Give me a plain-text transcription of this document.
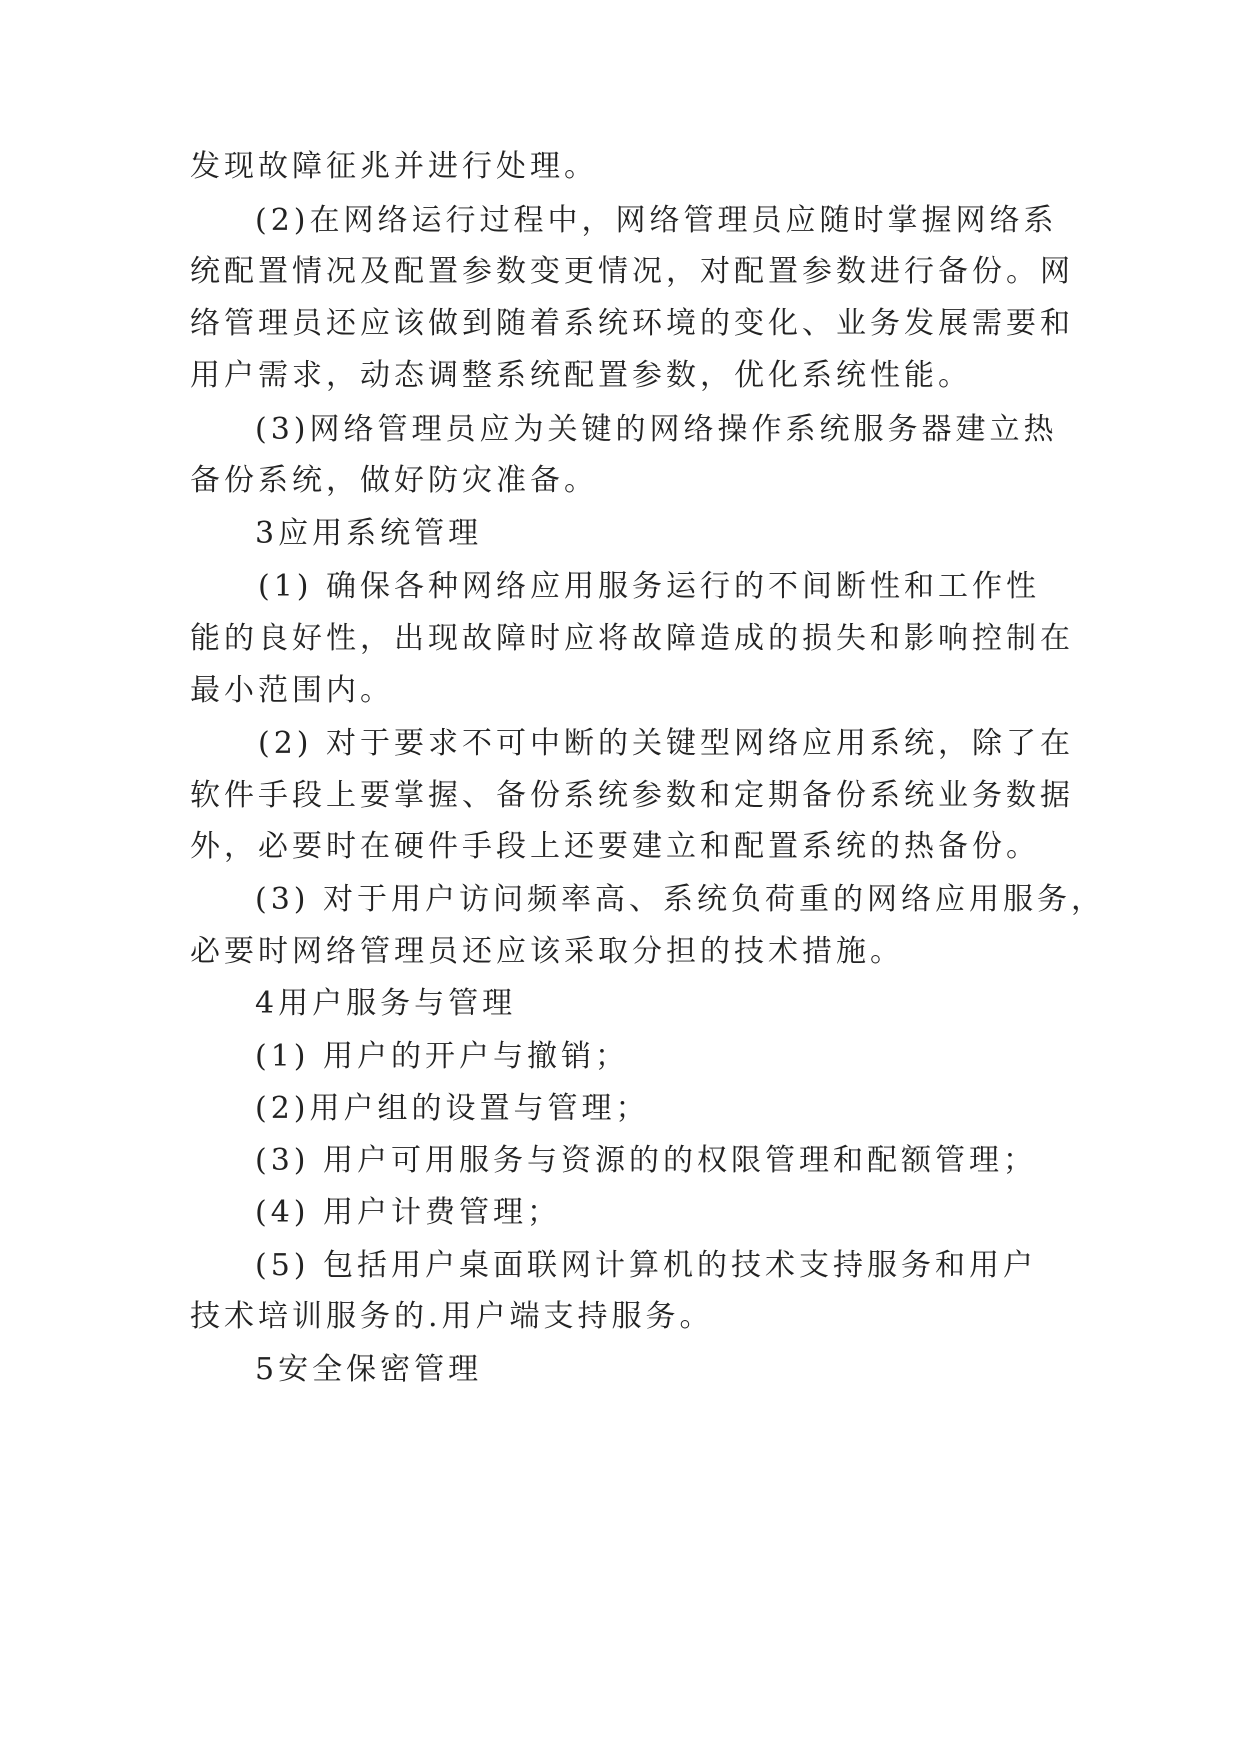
发现故障征兆并进行处理。
(2)在网络运行过程中，网络管理员应随时掌握网络系
统配置情况及配置参数变更情况，对配置参数进行备份。网
络管理员还应该做到随着系统环境的变化、业务发展需要和
用户需求，动态调整系统配置参数，优化系统性能。
(3)网络管理员应为关键的网络操作系统服务器建立热
备份系统，做好防灾准备。
3应用系统管理
(1) 确保各种网络应用服务运行的不间断性和工作性
能的良好性，出现故障时应将故障造成的损失和影响控制在
最小范围内。
(2) 对于要求不可中断的关键型网络应用系统，除了在
软件手段上要掌握、备份系统参数和定期备份系统业务数据
外，必要时在硬件手段上还要建立和配置系统的热备份。
(3) 对于用户访问频率高、系统负荷重的网络应用服务，
必要时网络管理员还应该采取分担的技术措施。
4用户服务与管理
(1) 用户的开户与撤销；
(2)用户组的设置与管理；
(3) 用户可用服务与资源的的权限管理和配额管理；
(4) 用户计费管理；
(5) 包括用户桌面联网计算机的技术支持服务和用户
技术培训服务的.用户端支持服务。
5安全保密管理
